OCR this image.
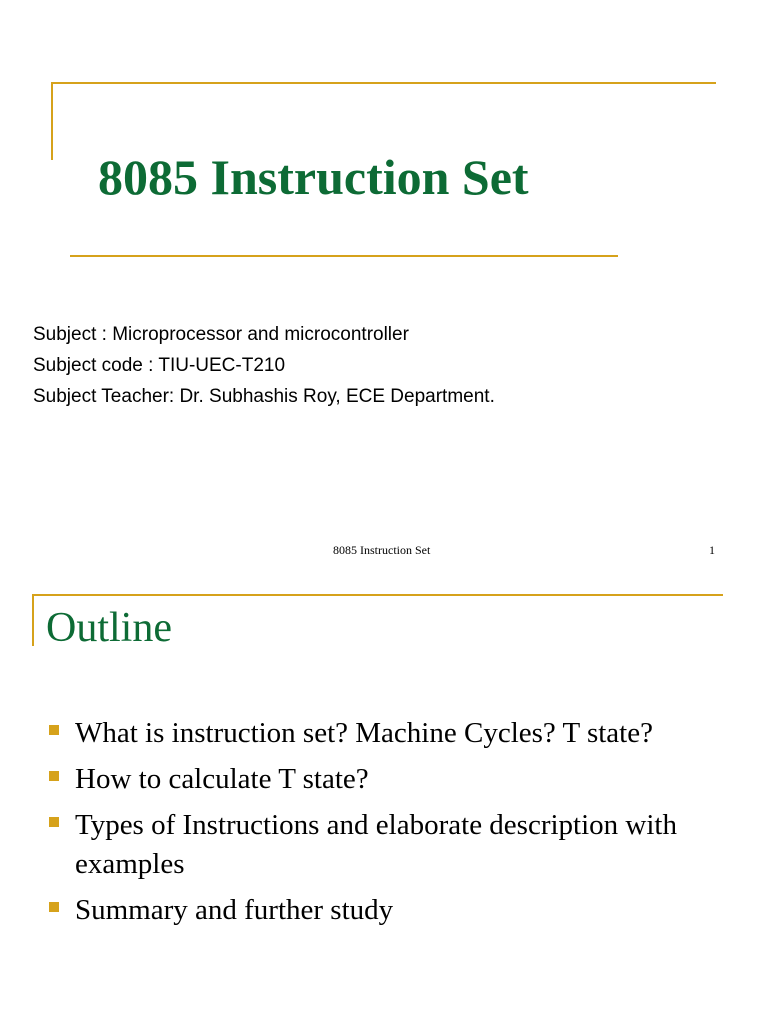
8085 Instruction Set
Subject : Microprocessor and microcontroller
Subject code : TIU-UEC-T210
Subject Teacher: Dr. Subhashis Roy, ECE Department.
8085 Instruction Set	1
Outline
What is instruction set? Machine Cycles? T state?
How to calculate T state?
Types of Instructions and elaborate description with examples
Summary and further study
